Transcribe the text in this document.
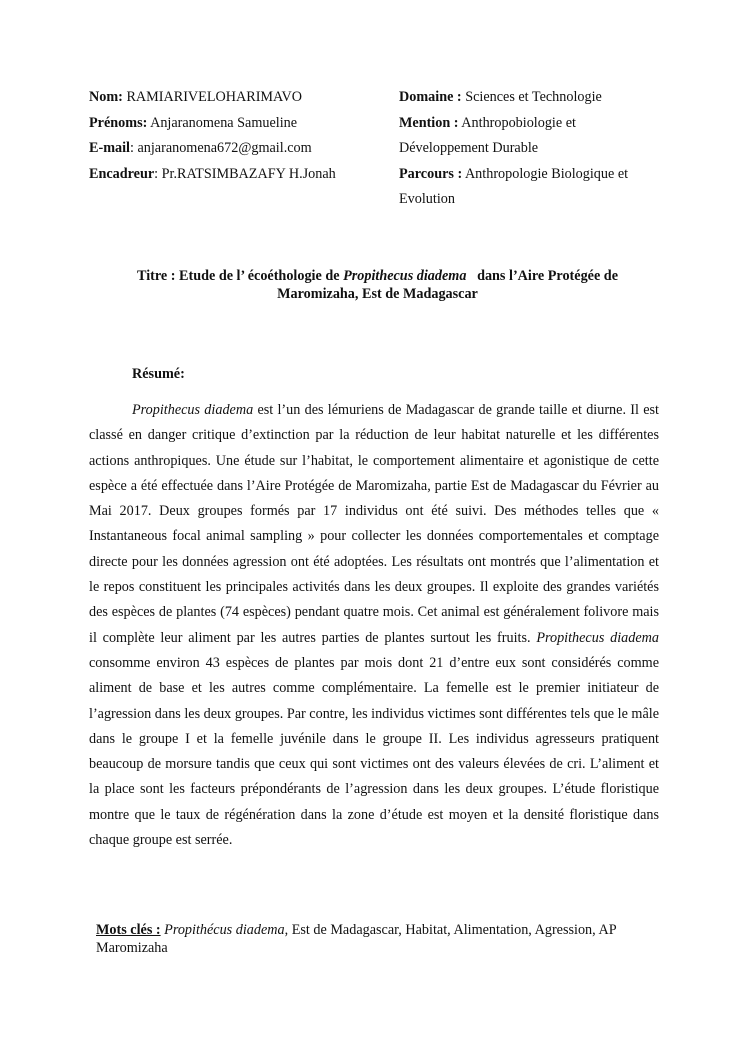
Nom: RAMIARIVELOHARIMAVO
Prénoms: Anjaranomena Samueline
E-mail: anjaranomena672@gmail.com
Encadreur: Pr.RATSIMBAZAFY H.Jonah
Domaine : Sciences et Technologie
Mention : Anthropobiologie et Développement Durable
Parcours : Anthropologie Biologique et Evolution
Titre : Etude de l’ écoéthologie de Propithecus diadema   dans l’Aire Protégée de Maromizaha, Est de Madagascar
Résumé:

Propithecus diadema est l’un des lémuriens de Madagascar de grande taille et diurne. Il est classé en danger critique d’extinction par la réduction de leur habitat naturelle et les différentes actions anthropiques. Une étude sur l’habitat, le comportement alimentaire et agonistique de cette espèce a été effectuée dans l’Aire Protégée de Maromizaha, partie Est de Madagascar du Février au Mai 2017. Deux groupes formés par 17 individus ont été suivi. Des méthodes telles que « Instantaneous focal animal sampling » pour collecter les données comportementales et comptage directe pour les données agression ont été adoptées. Les résultats ont montrés que l’alimentation et le repos constituent les principales activités dans les deux groupes. Il exploite des grandes variétés des espèces de plantes (74 espèces) pendant quatre mois. Cet animal est généralement folivore mais il complète leur aliment par les autres parties de plantes surtout les fruits. Propithecus diadema consomme environ 43 espèces de plantes par mois dont 21 d’entre eux sont considérés comme aliment de base et les autres comme complémentaire. La femelle est le premier initiateur de l’agression dans les deux groupes. Par contre, les individus victimes sont différentes tels que le mâle dans le groupe I et la femelle juvénile dans le groupe II. Les individus agresseurs pratiquent beaucoup de morsure tandis que ceux qui sont victimes ont des valeurs élevées de cri. L’aliment et la place sont les facteurs prépondérants de l’agression dans les deux groupes. L’étude floristique montre que le taux de régénération dans la zone d’étude est moyen et la densité floristique dans chaque groupe est serrée.

Mots clés : Propithécus diadema, Est de Madagascar, Habitat, Alimentation, Agression, AP Maromizaha
